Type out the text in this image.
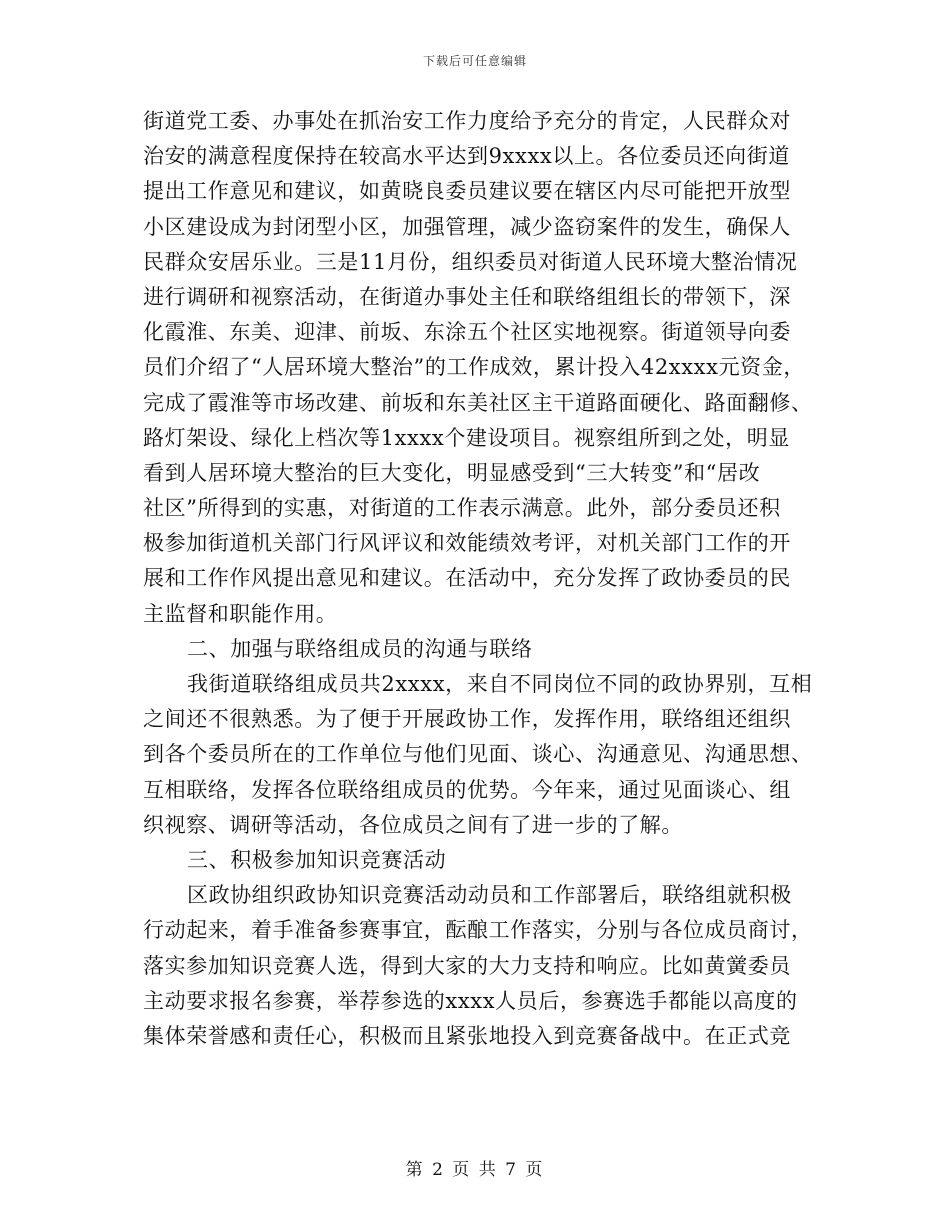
下载后可任意编辑
街道党工委、办事处在抓治安工作力度给予充分的肯定，人民群众对
治安的满意程度保持在较高水平达到9xxxx以上。各位委员还向街道
提出工作意见和建议，如黄晓良委员建议要在辖区内尽可能把开放型
小区建设成为封闭型小区，加强管理，减少盗窃案件的发生，确保人
民群众安居乐业。三是11月份，组织委员对街道人民环境大整治情况
进行调研和视察活动，在街道办事处主任和联络组组长的带领下，深
化霞淮、东美、迎津、前坂、东涂五个社区实地视察。街道领导向委
员们介绍了“人居环境大整治”的工作成效，累计投入42xxxx元资金，
完成了霞淮等市场改建、前坂和东美社区主干道路面硬化、路面翻修、
路灯架设、绿化上档次等1xxxx个建设项目。视察组所到之处，明显
看到人居环境大整治的巨大变化，明显感受到“三大转变”和“居改
社区”所得到的实惠，对街道的工作表示满意。此外，部分委员还积
极参加街道机关部门行风评议和效能绩效考评，对机关部门工作的开
展和工作作风提出意见和建议。在活动中，充分发挥了政协委员的民
主监督和职能作用。
二、加强与联络组成员的沟通与联络
我街道联络组成员共2xxxx，来自不同岗位不同的政协界别，互相
之间还不很熟悉。为了便于开展政协工作，发挥作用，联络组还组织
到各个委员所在的工作单位与他们见面、谈心、沟通意见、沟通思想、
互相联络，发挥各位联络组成员的优势。今年来，通过见面谈心、组
织视察、调研等活动，各位成员之间有了进一步的了解。
三、积极参加知识竞赛活动
区政协组织政协知识竞赛活动动员和工作部署后，联络组就积极
行动起来，着手准备参赛事宜，酝酿工作落实，分别与各位成员商讨，
落实参加知识竞赛人选，得到大家的大力支持和响应。比如黄黉委员
主动要求报名参赛，举荐参选的xxxx人员后，参赛选手都能以高度的
集体荣誉感和责任心，积极而且紧张地投入到竞赛备战中。在正式竞
第 2 页 共 7 页
